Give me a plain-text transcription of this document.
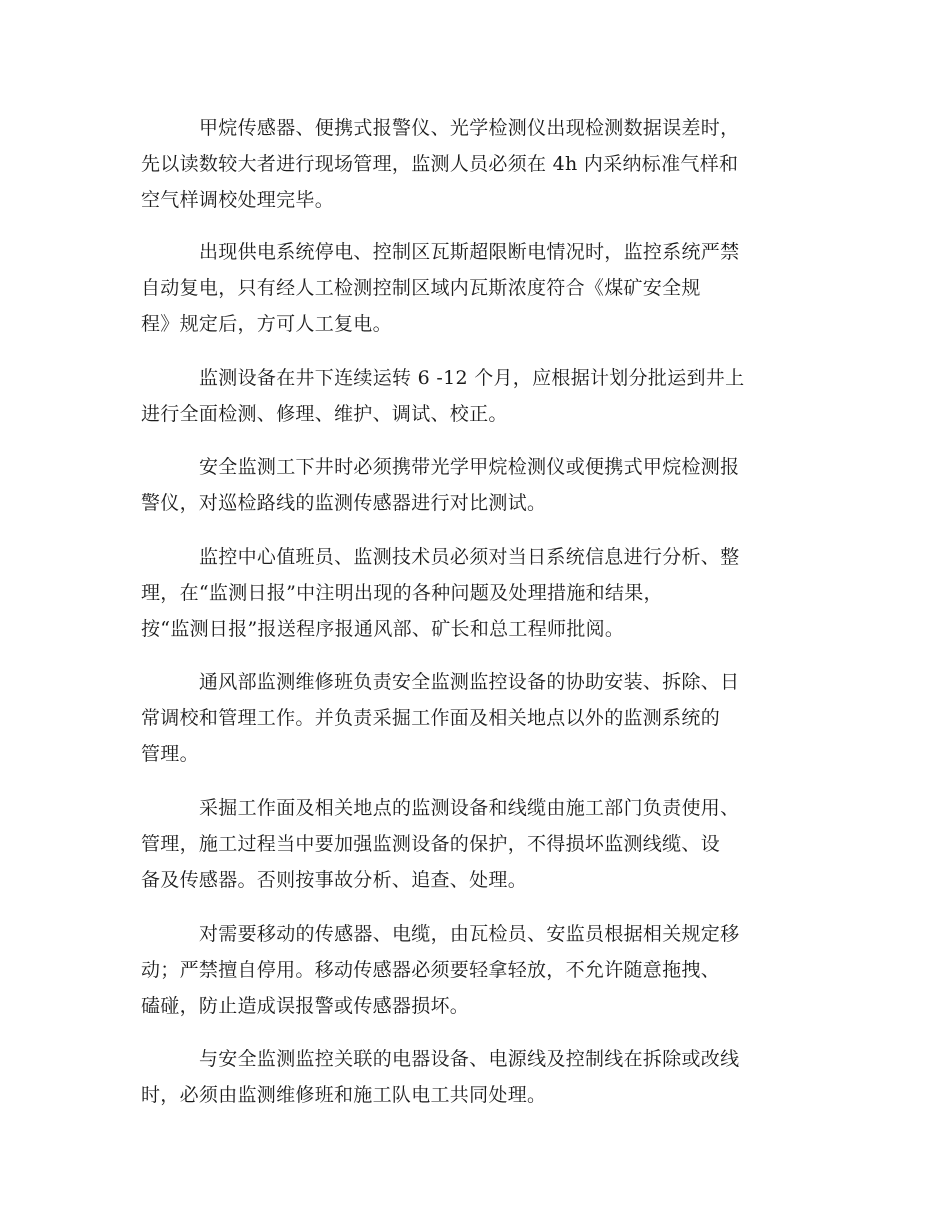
甲烷传感器、便携式报警仪、光学检测仪出现检测数据误差时，
先以读数较大者进行现场管理，监测人员必须在 4h 内采纳标准气样和
空气样调校处理完毕。
出现供电系统停电、控制区瓦斯超限断电情况时，监控系统严禁
自动复电，只有经人工检测控制区域内瓦斯浓度符合《煤矿安全规
程》规定后，方可人工复电。
监测设备在井下连续运转 6 -12 个月，应根据计划分批运到井上
进行全面检测、修理、维护、调试、校正。
安全监测工下井时必须携带光学甲烷检测仪或便携式甲烷检测报
警仪，对巡检路线的监测传感器进行对比测试。
监控中心值班员、监测技术员必须对当日系统信息进行分析、整
理，在“监测日报”中注明出现的各种问题及处理措施和结果，
按“监测日报”报送程序报通风部、矿长和总工程师批阅。
通风部监测维修班负责安全监测监控设备的协助安装、拆除、日
常调校和管理工作。并负责采掘工作面及相关地点以外的监测系统的
管理。
采掘工作面及相关地点的监测设备和线缆由施工部门负责使用、
管理，施工过程当中要加强监测设备的保护，不得损坏监测线缆、设
备及传感器。否则按事故分析、追查、处理。
对需要移动的传感器、电缆，由瓦检员、安监员根据相关规定移
动；严禁擅自停用。移动传感器必须要轻拿轻放，不允许随意拖拽、
磕碰，防止造成误报警或传感器损坏。
与安全监测监控关联的电器设备、电源线及控制线在拆除或改线
时，必须由监测维修班和施工队电工共同处理。
